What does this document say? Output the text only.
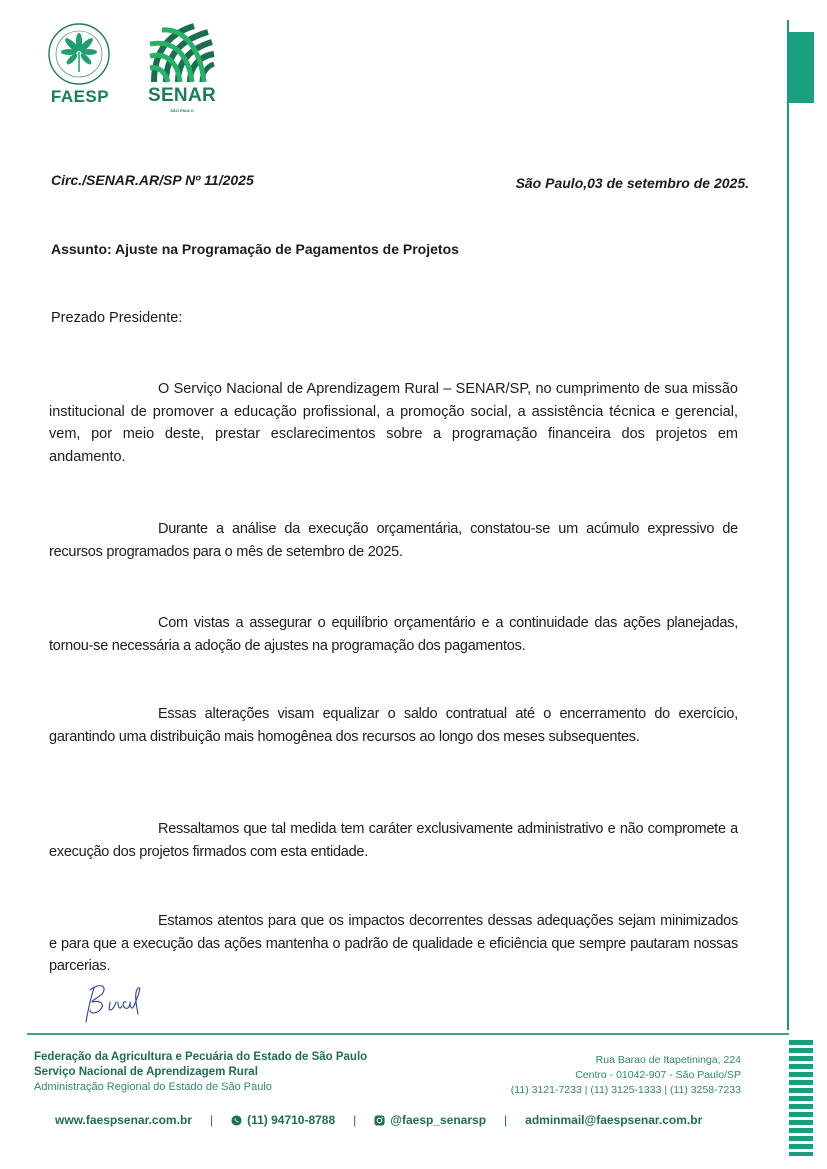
FAESP	SENAR
SÃO PAULO
Circ./SENAR.AR/SP Nº 11/2025	São Paulo,03 de setembro de 2025.
Assunto: Ajuste na Programação de Pagamentos de Projetos
Prezado Presidente:
O Serviço Nacional de Aprendizagem Rural – SENAR/SP, no cumprimento de sua missão institucional de promover a educação profissional, a promoção social, a assistência técnica e gerencial, vem, por meio deste, prestar esclarecimentos sobre a programação financeira dos projetos em andamento.
Durante a análise da execução orçamentária, constatou-se um acúmulo expressivo de recursos programados para o mês de setembro de 2025.
Com vistas a assegurar o equilíbrio orçamentário e a continuidade das ações planejadas, tornou-se necessária a adoção de ajustes na programação dos pagamentos.
Essas alterações visam equalizar o saldo contratual até o encerramento do exercício, garantindo uma distribuição mais homogênea dos recursos ao longo dos meses subsequentes.
Ressaltamos que tal medida tem caráter exclusivamente administrativo e não compromete a execução dos projetos firmados com esta entidade.
Estamos atentos para que os impactos decorrentes dessas adequações sejam minimizados e para que a execução das ações mantenha o padrão de qualidade e eficiência que sempre pautaram nossas parcerias.
Federação da Agricultura e Pecuária do Estado de São Paulo
Serviço Nacional de Aprendizagem Rural
Administração Regional do Estado de São Paulo
Rua Barao de Itapetininga, 224
Centro - 01042-907 - São Paulo/SP
(11) 3121-7233 | (11) 3125-1333 | (11) 3258-7233
www.faespsenar.com.br |	(11) 94710-8788 |	@faesp_senarsp | adminmail@faespsenar.com.br
